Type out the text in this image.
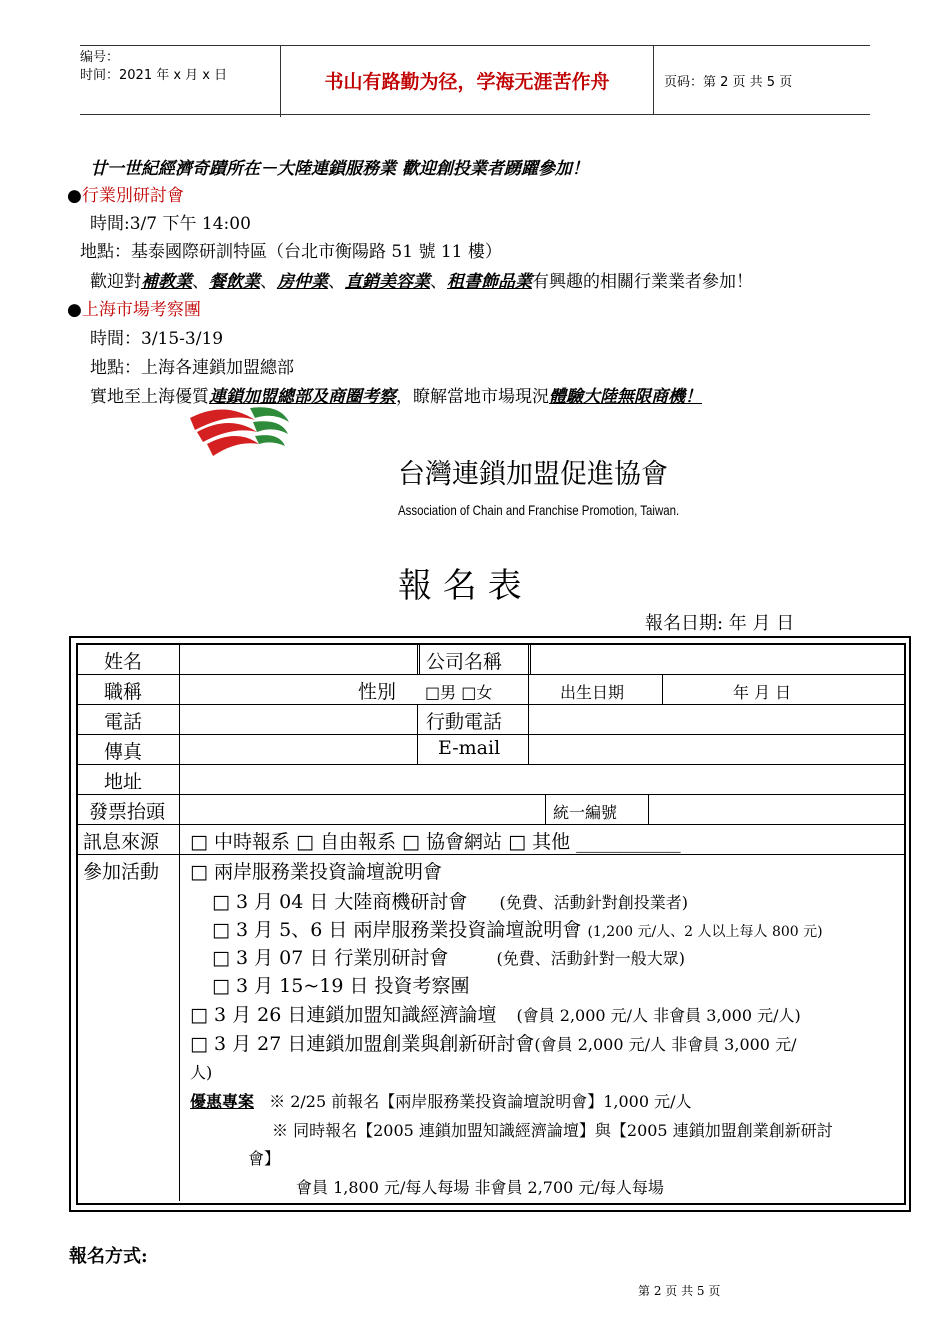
编号：
时间：2021 年 x 月 x 日	书山有路勤为径，学海无涯苦作舟	页码：第 2 页 共 5 页
廿一世紀經濟奇蹟所在－大陸連鎖服務業 歡迎創投業者踴躍參加！
●行業別研討會
時間:3/7 下午 14:00
地點：基泰國際研訓特區（台北市衡陽路 51 號 11 樓）
歡迎對補教業、餐飲業、房仲業、直銷美容業、租書飾品業有興趣的相關行業業者參加！
●上海市場考察團
時間：3/15-3/19
地點：上海各連鎖加盟總部
實地至上海優質連鎖加盟總部及商圈考察，瞭解當地市場現況體驗大陸無限商機！
台灣連鎖加盟促進協會
Association of Chain and Franchise Promotion, Taiwan.
報 名 表
報名日期: 年 月 日
姓名	公司名稱
職稱	性別 □男 □女	出生日期	年 月 日
電話	行動電話
傳真	E-mail
地址
發票抬頭	統一編號
訊息來源 □ 中時報系 □ 自由報系 □ 協會網站 □ 其他 ___________
參加活動 □ 兩岸服務業投資論壇說明會
□ 3 月 04 日 大陸商機研討會 (免費、活動針對創投業者)
□ 3 月 5、6 日 兩岸服務業投資論壇說明會 (1,200 元/人、2 人以上每人 800 元)
□ 3 月 07 日 行業別研討會	(免費、活動針對一般大眾)
□ 3 月 15~19 日 投資考察團
□ 3 月 26 日連鎖加盟知識經濟論壇 (會員 2,000 元/人 非會員 3,000 元/人)
□ 3 月 27 日連鎖加盟創業與創新研討會(會員 2,000 元/人 非會員 3,000 元/
人)
優惠專案 ※ 2/25 前報名【兩岸服務業投資論壇說明會】1,000 元/人
※ 同時報名【2005 連鎖加盟知識經濟論壇】與【2005 連鎖加盟創業創新研討
會】
會員 1,800 元/每人每場 非會員 2,700 元/每人每場
報名方式:
第 2 页 共 5 页
